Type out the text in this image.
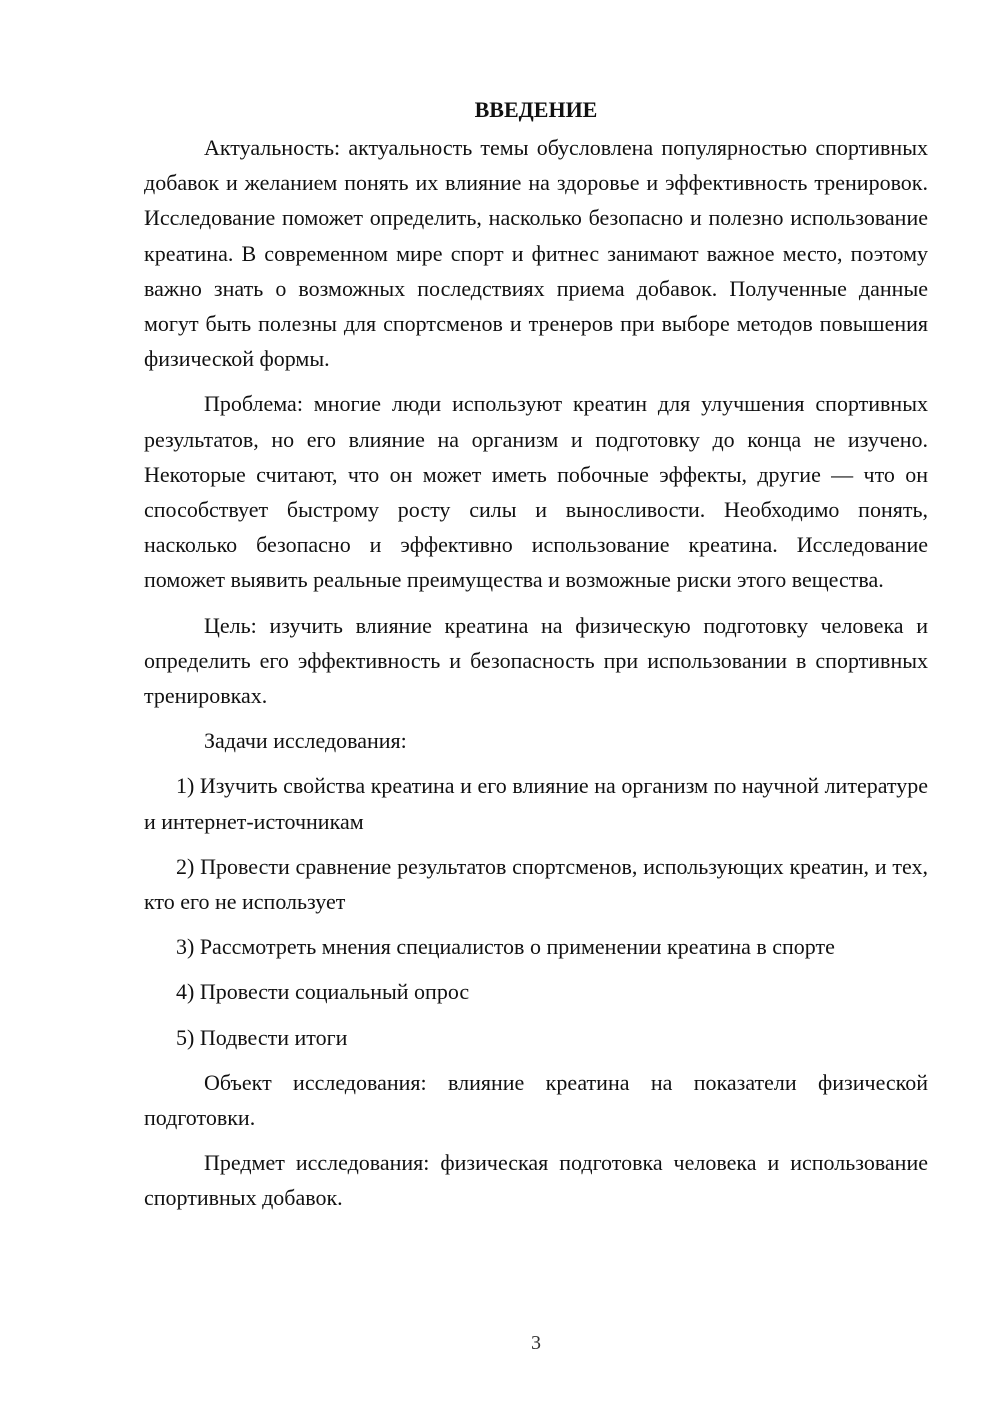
ВВЕДЕНИЕ

Актуальность: актуальность темы обусловлена популярностью спортивных добавок и желанием понять их влияние на здоровье и эффективность тренировок. Исследование поможет определить, насколько безопасно и полезно использование креатина. В современном мире спорт и фитнес занимают важное место, поэтому важно знать о возможных последствиях приема добавок. Полученные данные могут быть полезны для спортсменов и тренеров при выборе методов повышения физической формы.

Проблема: многие люди используют креатин для улучшения спортивных результатов, но его влияние на организм и подготовку до конца не изучено. Некоторые считают, что он может иметь побочные эффекты, другие — что он способствует быстрому росту силы и выносливости. Необходимо понять, насколько безопасно и эффективно использование креатина. Исследование поможет выявить реальные преимущества и возможные риски этого вещества.

Цель: изучить влияние креатина на физическую подготовку человека и определить его эффективность и безопасность при использовании в спортивных тренировках.

Задачи исследования:

1) Изучить свойства креатина и его влияние на организм по научной литературе и интернет-источникам

2) Провести сравнение результатов спортсменов, использующих креатин, и тех, кто его не использует

3) Рассмотреть мнения специалистов о применении креатина в спорте

4) Провести социальный опрос

5) Подвести итоги

Объект исследования: влияние креатина на показатели физической подготовки.

Предмет исследования: физическая подготовка человека и использование спортивных добавок.

3
